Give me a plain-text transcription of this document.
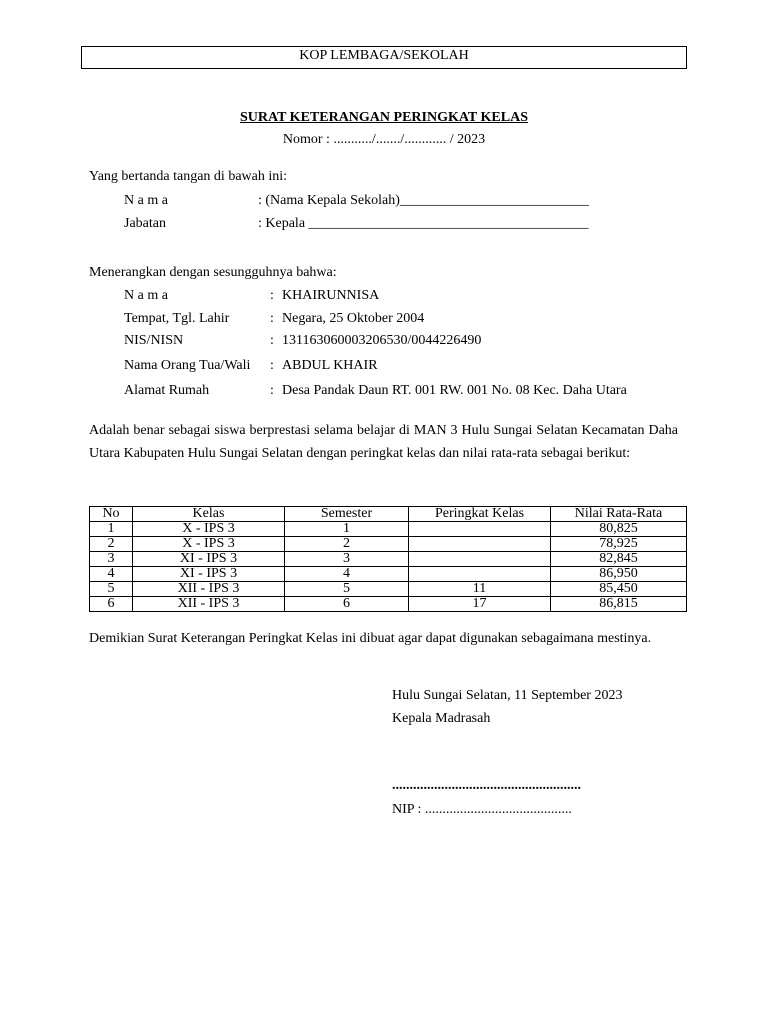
KOP LEMBAGA/SEKOLAH
SURAT KETERANGAN PERINGKAT KELAS
Nomor : .........../......./............ / 2023
Yang bertanda tangan di bawah ini:
N a m a	: (Nama Kepala Sekolah)___________________________
Jabatan	: Kepala ________________________________________
Menerangkan dengan sesungguhnya bahwa:
N a m a	: KHAIRUNNISA
Tempat, Tgl. Lahir	: Negara, 25 Oktober 2004
NIS/NISN	: 131163060003206530/0044226490
Nama Orang Tua/Wali : ABDUL KHAIR
Alamat Rumah	: Desa Pandak Daun RT. 001 RW. 001 No. 08 Kec. Daha Utara
Adalah benar sebagai siswa berprestasi selama belajar di MAN 3 Hulu Sungai Selatan Kecamatan Daha Utara Kabupaten Hulu Sungai Selatan dengan peringkat kelas dan nilai rata-rata sebagai berikut:
No	Kelas	Semester	Peringkat Kelas	Nilai Rata-Rata
1	X - IPS 3	1		80,825
2	X - IPS 3	2		78,925
3	XI - IPS 3	3		82,845
4	XI - IPS 3	4		86,950
5	XII - IPS 3	5	11	85,450
6	XII - IPS 3	6	17	86,815
Demikian Surat Keterangan Peringkat Kelas ini dibuat agar dapat digunakan sebagaimana mestinya.
Hulu Sungai Selatan, 11 September 2023
Kepala Madrasah
......................................................
NIP : ..........................................
